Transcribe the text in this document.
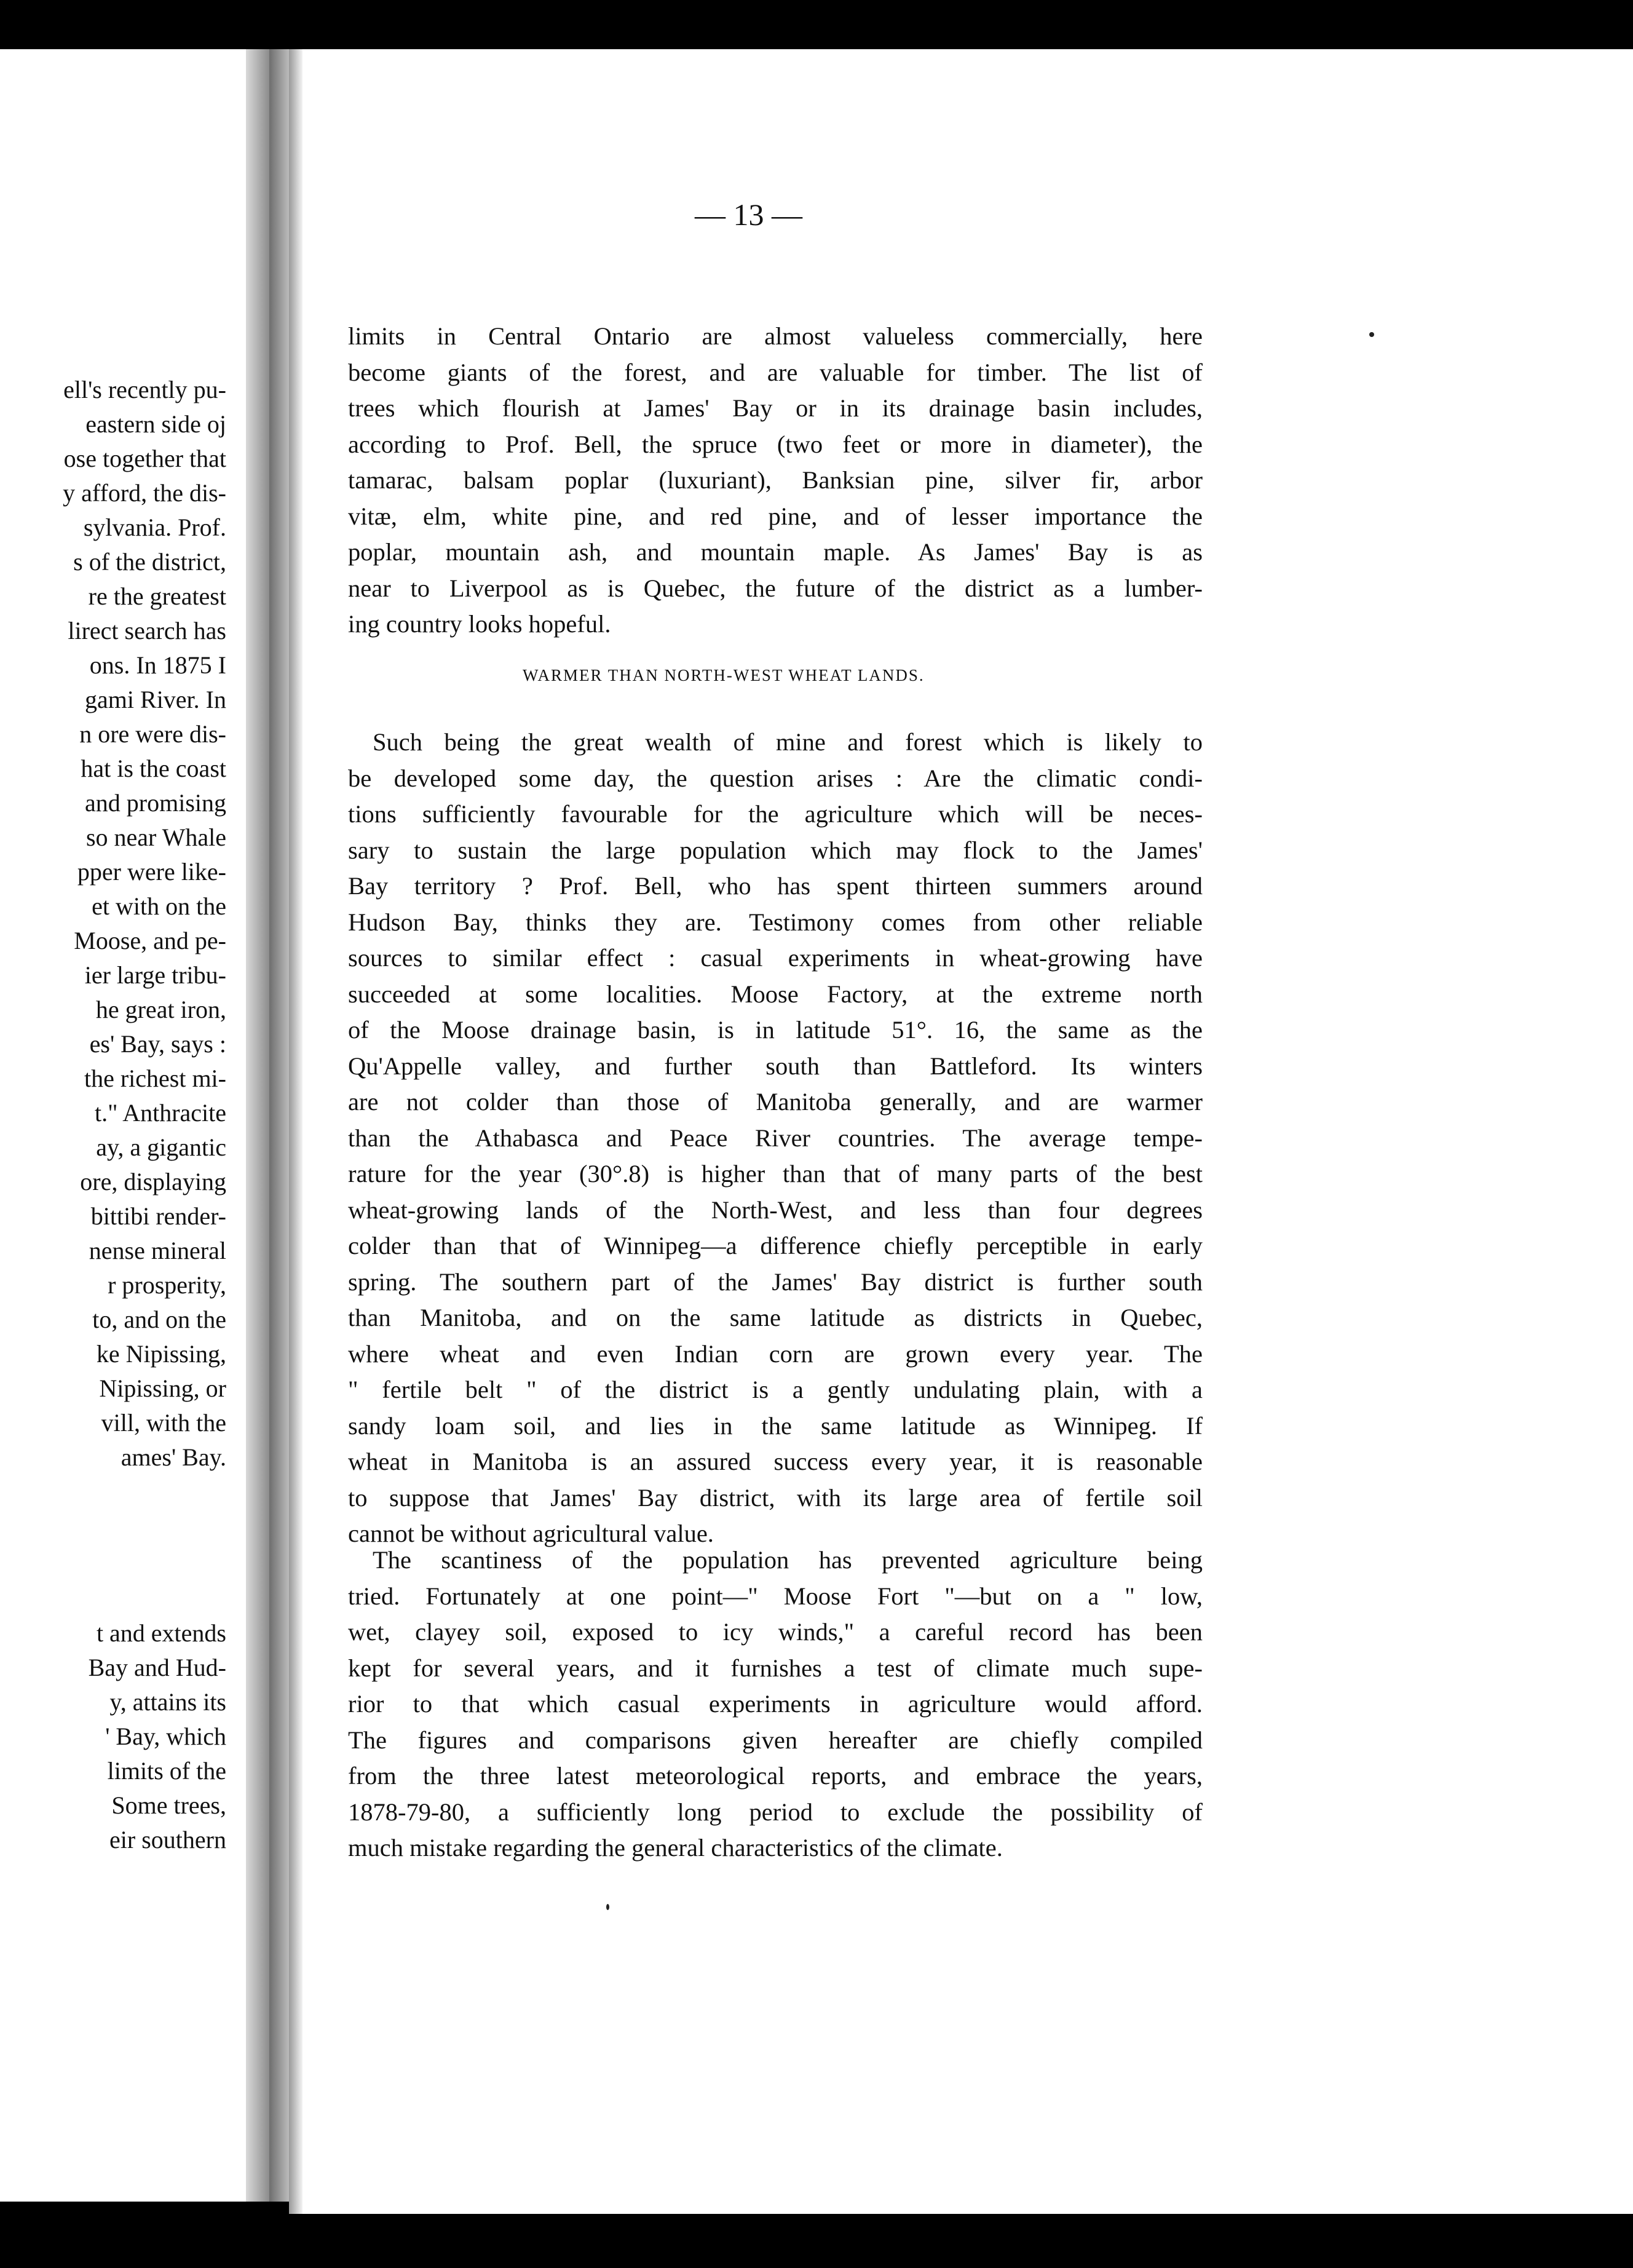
ell's recently pu-
eastern side oj
ose together that
y afford, the dis-
sylvania. Prof.
s of the district,
re the greatest
lirect search has
ons. In 1875 I
gami River. In
n ore were dis-
hat is the coast
and promising
so near Whale
pper were like-
et with on the
Moose, and pe-
ier large tribu-
he great iron,
es' Bay, says :
the richest mi-
t." Anthracite
ay, a gigantic
ore, displaying
bittibi render-
nense mineral
r prosperity,
to, and on the
ke Nipissing,
Nipissing, or
vill, with the
ames' Bay.
t and extends
Bay and Hud-
y, attains its
' Bay, which
limits of the
Some trees,
eir southern
— 13 —
limits in Central Ontario are almost valueless commercially, here
become giants of the forest, and are valuable for timber. The list of
trees which flourish at James' Bay or in its drainage basin includes,
according to Prof. Bell, the spruce (two feet or more in diameter), the
tamarac, balsam poplar (luxuriant), Banksian pine, silver fir, arbor
vitæ, elm, white pine, and red pine, and of lesser importance the
poplar, mountain ash, and mountain maple. As James' Bay is as
near to Liverpool as is Quebec, the future of the district as a lumber-
ing country looks hopeful.
WARMER THAN NORTH-WEST WHEAT LANDS.
Such being the great wealth of mine and forest which is likely to
be developed some day, the question arises : Are the climatic condi-
tions sufficiently favourable for the agriculture which will be neces-
sary to sustain the large population which may flock to the James'
Bay territory ? Prof. Bell, who has spent thirteen summers around
Hudson Bay, thinks they are. Testimony comes from other reliable
sources to similar effect : casual experiments in wheat-growing have
succeeded at some localities. Moose Factory, at the extreme north
of the Moose drainage basin, is in latitude 51°. 16, the same as the
Qu'Appelle valley, and further south than Battleford. Its winters
are not colder than those of Manitoba generally, and are warmer
than the Athabasca and Peace River countries. The average tempe-
rature for the year (30°.8) is higher than that of many parts of the best
wheat-growing lands of the North-West, and less than four degrees
colder than that of Winnipeg—a difference chiefly perceptible in early
spring. The southern part of the James' Bay district is further south
than Manitoba, and on the same latitude as districts in Quebec,
where wheat and even Indian corn are grown every year. The
" fertile belt " of the district is a gently undulating plain, with a
sandy loam soil, and lies in the same latitude as Winnipeg. If
wheat in Manitoba is an assured success every year, it is reasonable
to suppose that James' Bay district, with its large area of fertile soil
cannot be without agricultural value.
The scantiness of the population has prevented agriculture being
tried. Fortunately at one point—" Moose Fort "—but on a " low,
wet, clayey soil, exposed to icy winds," a careful record has been
kept for several years, and it furnishes a test of climate much supe-
rior to that which casual experiments in agriculture would afford.
The figures and comparisons given hereafter are chiefly compiled
from the three latest meteorological reports, and embrace the years,
1878-79-80, a sufficiently long period to exclude the possibility of
much mistake regarding the general characteristics of the climate.
